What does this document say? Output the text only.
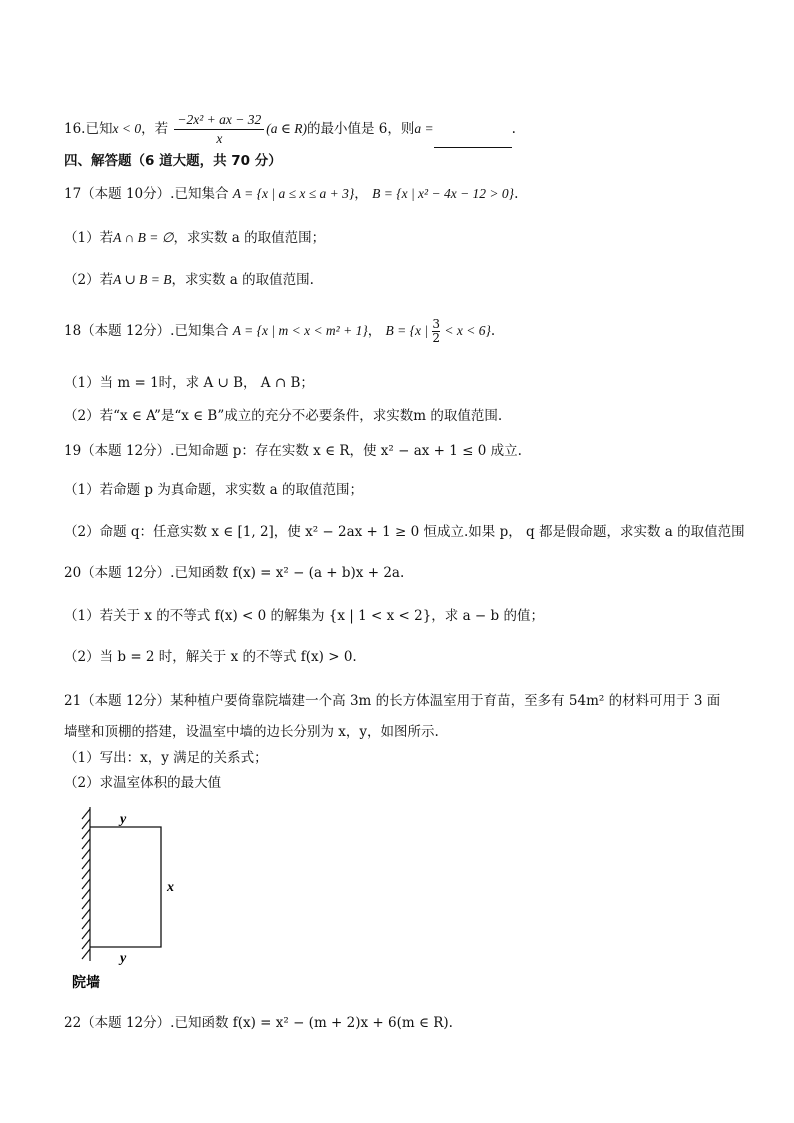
16.已知x < 0，若 $\frac{\text{−2x² + ax − 32}}{x} (a$ ∈ R)的最小值是 6，则a =	.
四、解答题（6 道大题，共 70 分）
17（本题 10分）.已知集合 A = {x | a ≤ x ≤ a + 3}， B = {x | x² − 4x − 12 > 0}.
（1）若A ∩ B = ∅，求实数 a 的取值范围；
（2）若A ∪ B = B，求实数 a 的取值范围.
18（本题 12分）.已知集合 A = {x | m < x < m² + 1}， B = {x | $\frac{3}{2} < x < 6$}.
（1）当 m = 1时，求 A ∪ B， A ∩ B；
（2）若“x ∈ A”是“x ∈ B”成立的充分不必要条件，求实数m 的取值范围.
19（本题 12分）.已知命题 p：存在实数 x ∈ R，使 x² − ax + 1 ≤ 0 成立.
（1）若命题 p 为真命题，求实数 a 的取值范围；
（2）命题 q：任意实数 x ∈ [1, 2]，使 x² − 2ax + 1 ≥ 0 恒成立.如果 p， q 都是假命题，求实数 a 的取值范围
20（本题 12分）.已知函数 f(x) = x² − (a + b)x + 2a.
（1）若关于 x 的不等式 f(x) < 0 的解集为 {x | 1 < x < 2}，求 a − b 的值；
（2）当 b = 2 时，解关于 x 的不等式 f(x) > 0.
21（本题 12分）某种植户要倚靠院墙建一个高 3m 的长方体温室用于育苗，至多有 54m² 的材料可用于 3 面
墙壁和顶棚的搭建，设温室中墙的边长分别为 x，y，如图所示.
（1）写出：x，y 满足的关系式；
（2）求温室体积的最大值
y
x
y
院墙
22（本题 12分）.已知函数 f(x) = x² − (m + 2)x + 6(m ∈ R).
